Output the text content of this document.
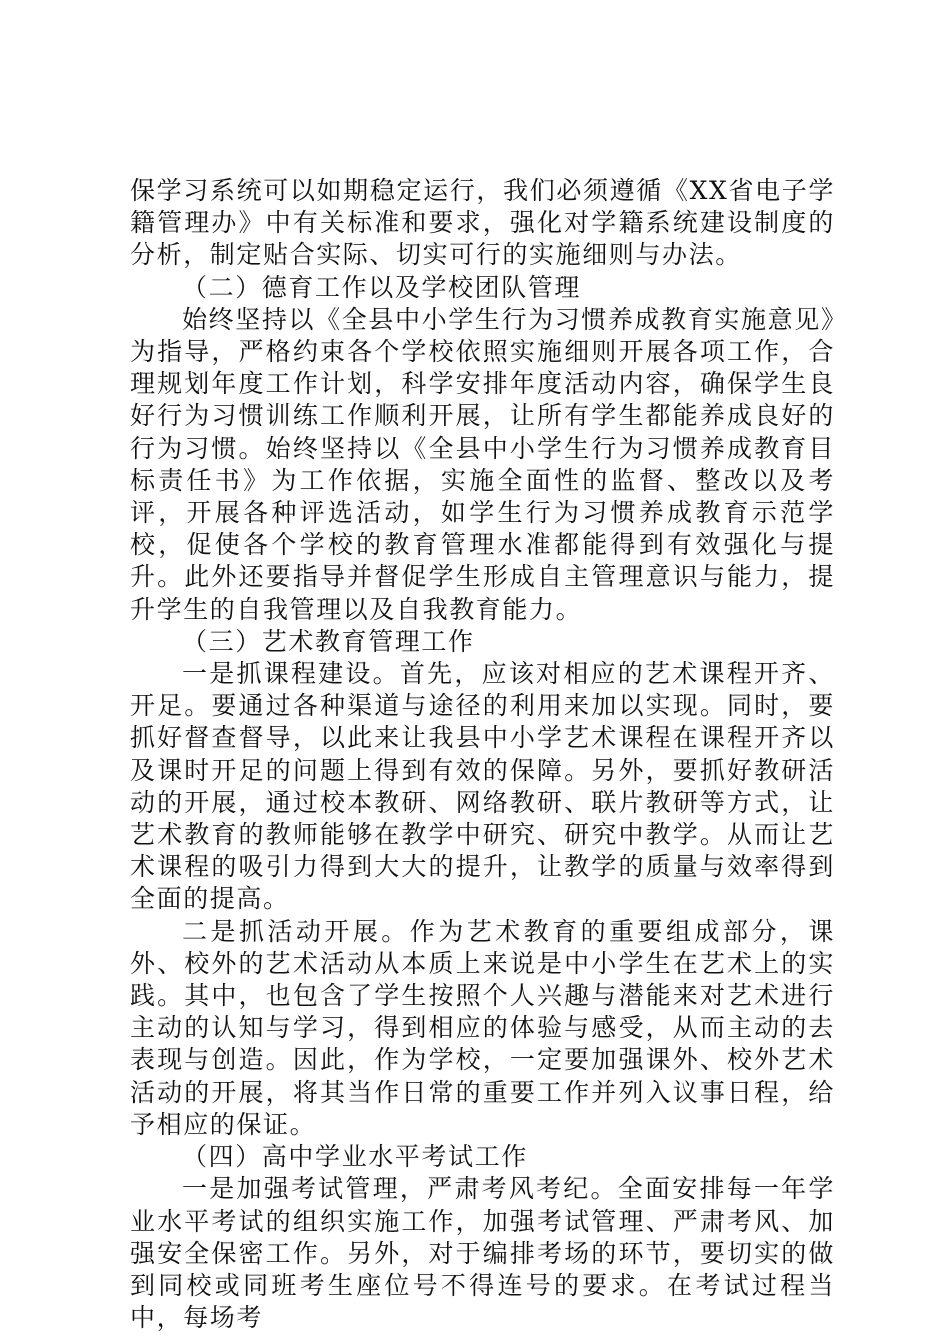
保学习系统可以如期稳定运行，我们必须遵循《XX省电子学籍管理办》中有关标准和要求，强化对学籍系统建设制度的分析，制定贴合实际、切实可行的实施细则与办法。

（二）德育工作以及学校团队管理

始终坚持以《全县中小学生行为习惯养成教育实施意见》为指导，严格约束各个学校依照实施细则开展各项工作，合理规划年度工作计划，科学安排年度活动内容，确保学生良好行为习惯训练工作顺利开展，让所有学生都能养成良好的行为习惯。始终坚持以《全县中小学生行为习惯养成教育目标责任书》为工作依据，实施全面性的监督、整改以及考评，开展各种评选活动，如学生行为习惯养成教育示范学校，促使各个学校的教育管理水准都能得到有效强化与提升。此外还要指导并督促学生形成自主管理意识与能力，提升学生的自我管理以及自我教育能力。

（三）艺术教育管理工作

一是抓课程建设。首先，应该对相应的艺术课程开齐、开足。要通过各种渠道与途径的利用来加以实现。同时，要抓好督查督导，以此来让我县中小学艺术课程在课程开齐以及课时开足的问题上得到有效的保障。另外，要抓好教研活动的开展，通过校本教研、网络教研、联片教研等方式，让艺术教育的教师能够在教学中研究、研究中教学。从而让艺术课程的吸引力得到大大的提升，让教学的质量与效率得到全面的提高。

二是抓活动开展。作为艺术教育的重要组成部分，课外、校外的艺术活动从本质上来说是中小学生在艺术上的实践。其中，也包含了学生按照个人兴趣与潜能来对艺术进行主动的认知与学习，得到相应的体验与感受，从而主动的去表现与创造。因此，作为学校，一定要加强课外、校外艺术活动的开展，将其当作日常的重要工作并列入议事日程，给予相应的保证。

（四）高中学业水平考试工作

一是加强考试管理，严肃考风考纪。全面安排每一年学业水平考试的组织实施工作，加强考试管理、严肃考风、加强安全保密工作。另外，对于编排考场的环节，要切实的做到同校或同班考生座位号不得连号的要求。在考试过程当中，每场考
